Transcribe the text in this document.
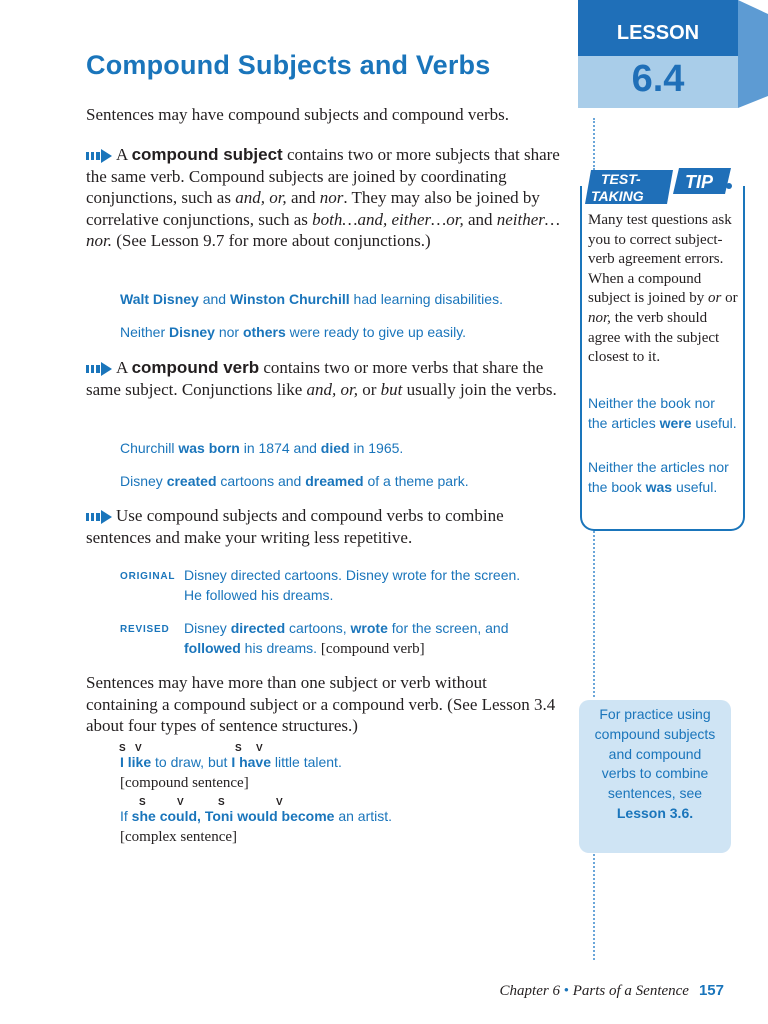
LESSON
6.4
Compound Subjects and Verbs
Sentences may have compound subjects and compound verbs.
A compound subject contains two or more subjects that share the same verb. Compound subjects are joined by coordinating conjunctions, such as and, or, and nor. They may also be joined by correlative conjunctions, such as both…and, either…or, and neither…nor. (See Lesson 9.7 for more about conjunctions.)
Walt Disney and Winston Churchill had learning disabilities.
Neither Disney nor others were ready to give up easily.
A compound verb contains two or more verbs that share the same subject. Conjunctions like and, or, or but usually join the verbs.
Churchill was born in 1874 and died in 1965.
Disney created cartoons and dreamed of a theme park.
Use compound subjects and compound verbs to combine sentences and make your writing less repetitive.
ORIGINAL Disney directed cartoons. Disney wrote for the screen.
He followed his dreams.
REVISED Disney directed cartoons, wrote for the screen, and
followed his dreams. [compound verb]
Sentences may have more than one subject or verb without containing a compound subject or a compound verb. (See Lesson 3.4 about four types of sentence structures.)
S V	S V
I like to draw, but I have little talent.
[compound sentence]
S	V	S	V
If she could, Toni would become an artist.
[complex sentence]
TEST-
TAKING
TIP
Many test questions ask you to correct subject-verb agreement errors. When a compound subject is joined by or or nor, the verb should agree with the subject closest to it.
Neither the book nor the articles were useful.
Neither the articles nor the book was useful.
For practice using compound subjects and compound verbs to combine sentences, see Lesson 3.6.
Chapter 6 • Parts of a Sentence 157
